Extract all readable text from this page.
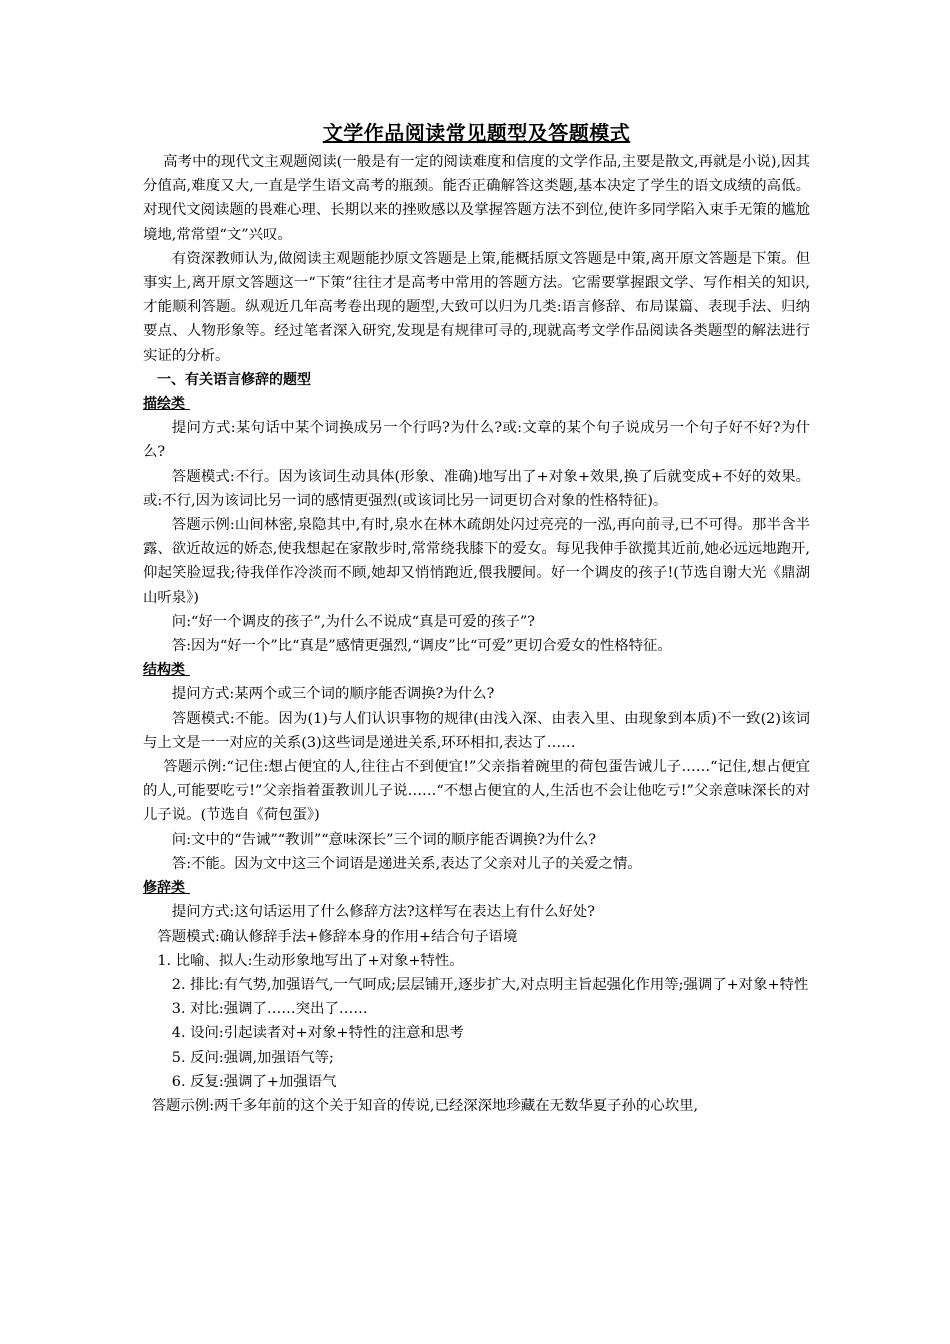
文学作品阅读常见题型及答题模式

高考中的现代文主观题阅读(一般是有一定的阅读难度和信度的文学作品,主要是散文,再就是小说),因其分值高,难度又大,一直是学生语文高考的瓶颈。能否正确解答这类题,基本决定了学生的语文成绩的高低。对现代文阅读题的畏难心理、长期以来的挫败感以及掌握答题方法不到位,使许多同学陷入束手无策的尴尬境地,常常望“文”兴叹。

有资深教师认为,做阅读主观题能抄原文答题是上策,能概括原文答题是中策,离开原文答题是下策。但事实上,离开原文答题这一“下策”往往才是高考中常用的答题方法。它需要掌握跟文学、写作相关的知识,才能顺利答题。纵观近几年高考卷出现的题型,大致可以归为几类:语言修辞、布局谋篇、表现手法、归纳要点、人物形象等。经过笔者深入研究,发现是有规律可寻的,现就高考文学作品阅读各类题型的解法进行实证的分析。

一、有关语言修辞的题型
描绘类

提问方式:某句话中某个词换成另一个行吗?为什么?或:文章的某个句子说成另一个句子好不好?为什么?

答题模式:不行。因为该词生动具体(形象、准确)地写出了+对象+效果,换了后就变成+不好的效果。或:不行,因为该词比另一词的感情更强烈(或该词比另一词更切合对象的性格特征)。

答题示例:山间林密,泉隐其中,有时,泉水在林木疏朗处闪过亮亮的一泓,再向前寻,已不可得。那半含半露、欲近故远的娇态,使我想起在家散步时,常常绕我膝下的爱女。每见我伸手欲揽其近前,她必远远地跑开,仰起笑脸逗我;待我佯作冷淡而不顾,她却又悄悄跑近,偎我腰间。好一个调皮的孩子!(节选自谢大光《鼎湖山听泉》)

问:“好一个调皮的孩子”,为什么不说成“真是可爱的孩子”?

答:因为“好一个”比“真是”感情更强烈,“调皮”比“可爱”更切合爱女的性格特征。

结构类

提问方式:某两个或三个词的顺序能否调换?为什么?

答题模式:不能。因为(1)与人们认识事物的规律(由浅入深、由表入里、由现象到本质)不一致(2)该词与上文是一一对应的关系(3)这些词是递进关系,环环相扣,表达了……

答题示例:“记住:想占便宜的人,往往占不到便宜!”父亲指着碗里的荷包蛋告诫儿子……“记住,想占便宜的人,可能要吃亏!”父亲指着蛋教训儿子说……“不想占便宜的人,生活也不会让他吃亏!”父亲意味深长的对儿子说。(节选自《荷包蛋》)

问:文中的“告诫”“教训”“意味深长”三个词的顺序能否调换?为什么?

答:不能。因为文中这三个词语是递进关系,表达了父亲对儿子的关爱之情。

修辞类

提问方式:这句话运用了什么修辞方法?这样写在表达上有什么好处?

答题模式:确认修辞手法+修辞本身的作用+结合句子语境

1. 比喻、拟人:生动形象地写出了+对象+特性。

2. 排比:有气势,加强语气,一气呵成;层层铺开,逐步扩大,对点明主旨起强化作用等;强调了+对象+特性

3. 对比:强调了……突出了……

4. 设问:引起读者对+对象+特性的注意和思考

5. 反问:强调,加强语气等;

6. 反复:强调了+加强语气

答题示例:两千多年前的这个关于知音的传说,已经深深地珍藏在无数华夏子孙的心坎里,
